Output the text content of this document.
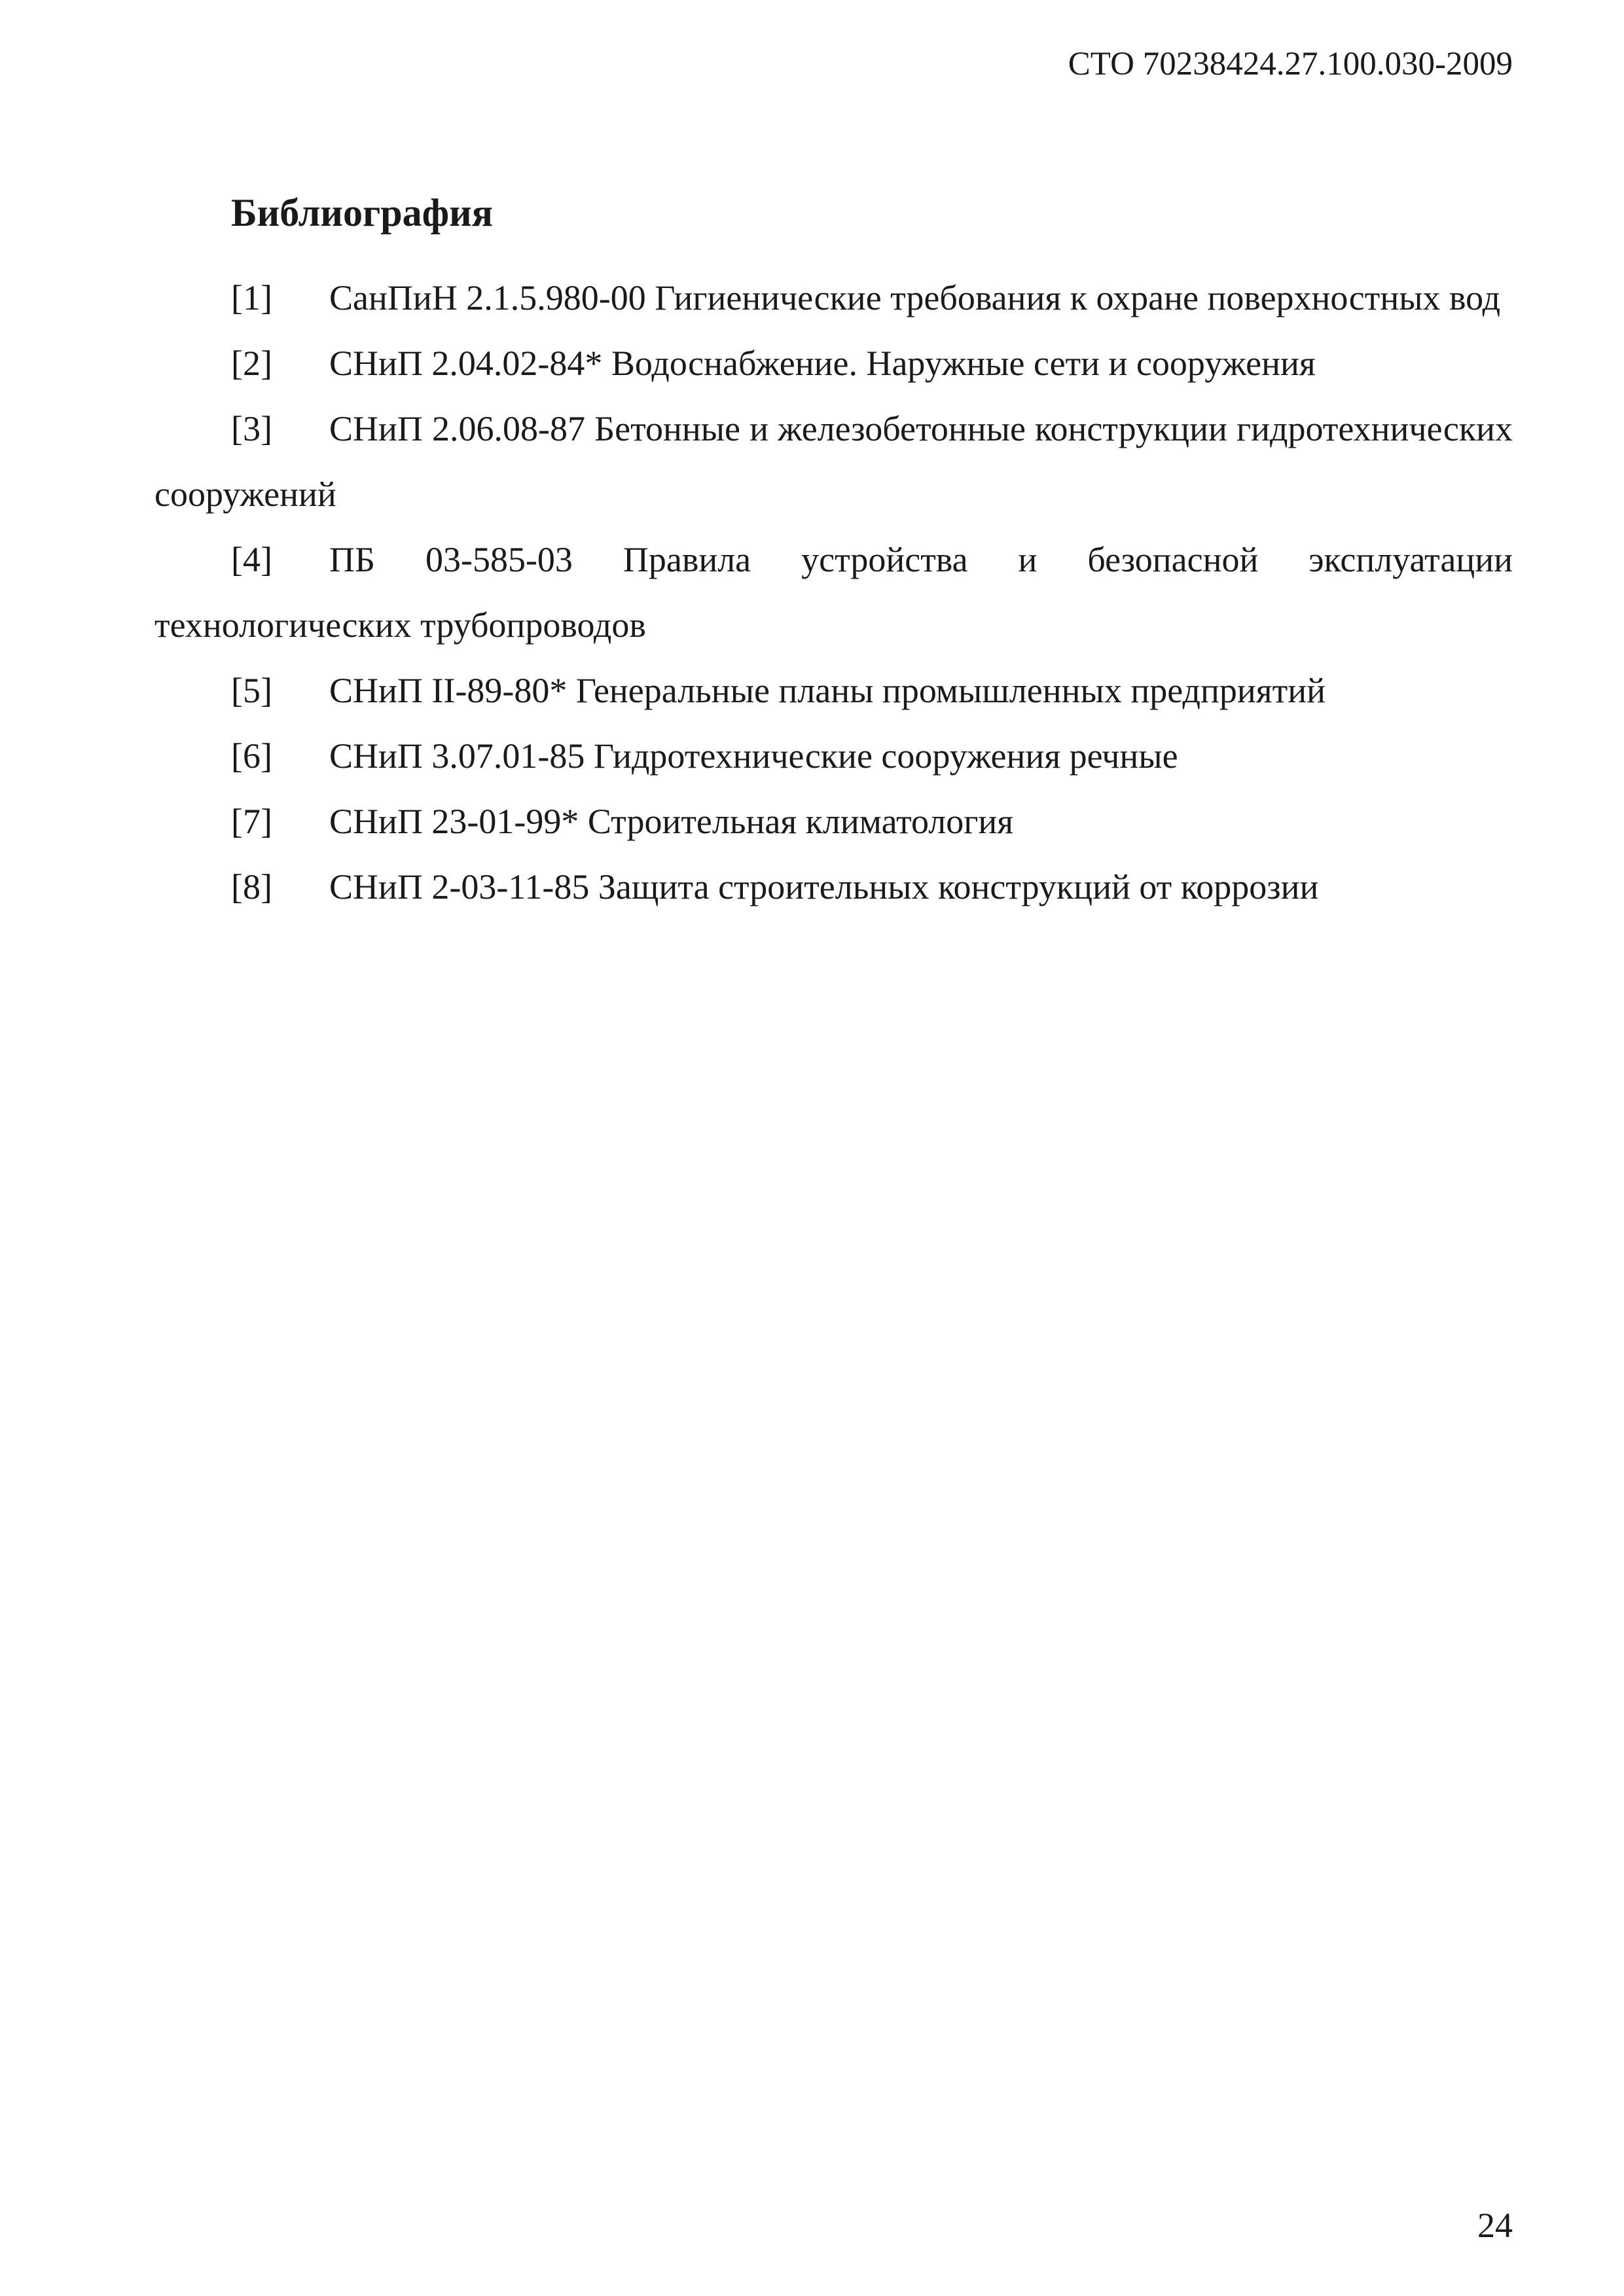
СТО 70238424.27.100.030-2009
Библиография
[1] СанПиН 2.1.5.980-00 Гигиенические требования к охране поверхностных вод
[2] СНиП 2.04.02-84* Водоснабжение. Наружные сети и сооружения
[3] СНиП 2.06.08-87 Бетонные и железобетонные конструкции гидротехнических сооружений
[4] ПБ 03-585-03 Правила устройства и безопасной эксплуатации технологических трубопроводов
[5] СНиП II-89-80* Генеральные планы промышленных предприятий
[6] СНиП 3.07.01-85 Гидротехнические сооружения речные
[7] СНиП 23-01-99* Строительная климатология
[8] СНиП 2-03-11-85 Защита строительных конструкций от коррозии
24
